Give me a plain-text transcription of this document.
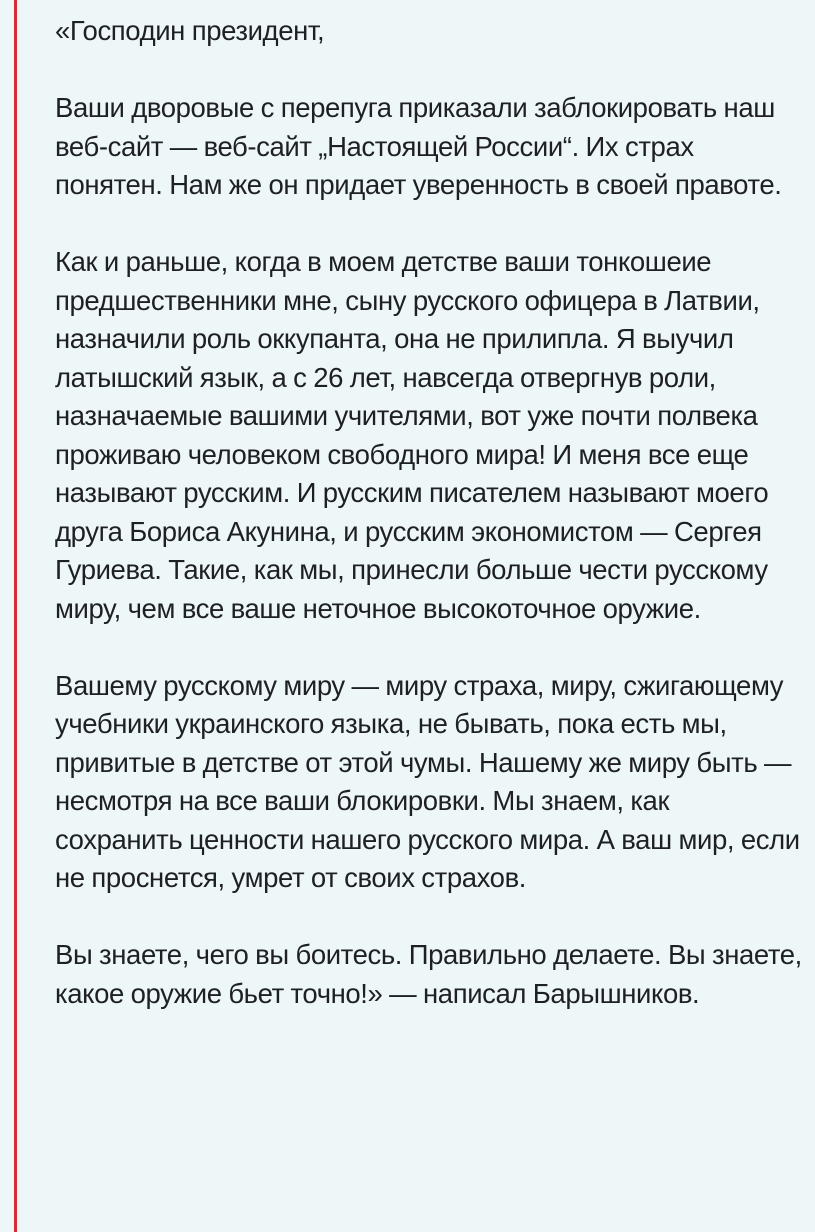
«Господин президент,

Ваши дворовые с перепуга приказали заблокировать наш веб-сайт — веб-сайт „Настоящей России“. Их страх понятен. Нам же он придает уверенность в своей правоте.

Как и раньше, когда в моем детстве ваши тонкошеие предшественники мне, сыну русского офицера в Латвии, назначили роль оккупанта, она не прилипла. Я выучил латышский язык, а с 26 лет, навсегда отвергнув роли, назначаемые вашими учителями, вот уже почти полвека проживаю человеком свободного мира! И меня все еще называют русским. И русским писателем называют моего друга Бориса Акунина, и русским экономистом — Сергея Гуриева. Такие, как мы, принесли больше чести русскому миру, чем все ваше неточное высокоточное оружие.

Вашему русскому миру — миру страха, миру, сжигающему учебники украинского языка, не бывать, пока есть мы, привитые в детстве от этой чумы. Нашему же миру быть — несмотря на все ваши блокировки. Мы знаем, как сохранить ценности нашего русского мира. А ваш мир, если не проснется, умрет от своих страхов.

Вы знаете, чего вы боитесь. Правильно делаете. Вы знаете, какое оружие бьет точно!» — написал Барышников.
